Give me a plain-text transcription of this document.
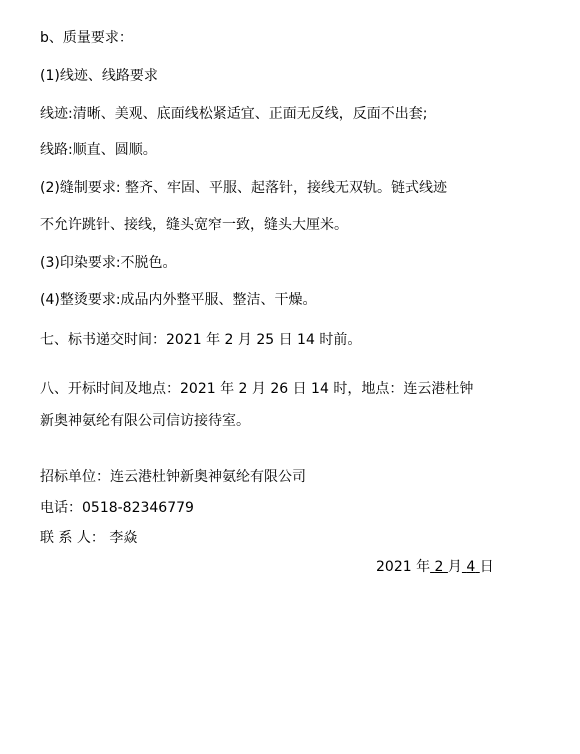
b、质量要求：
(1)线迹、线路要求
线迹:清晰、美观、底面线松紧适宜、正面无反线，反面不出套;
线路:顺直、圆顺。
(2)缝制要求: 整齐、牢固、平服、起落针，接线无双轨。链式线迹
不允许跳针、接线，缝头宽窄一致，缝头大厘米。
(3)印染要求:不脱色。
(4)整烫要求:成品内外整平服、整洁、干燥。
七、标书递交时间：2021 年 2 月 25 日 14 时前。
八、开标时间及地点：2021 年 2 月 26 日 14 时，地点：连云港杜钟
新奥神氨纶有限公司信访接待室。
招标单位：连云港杜钟新奥神氨纶有限公司
电话：0518-82346779
联 系 人： 李焱
2021 年 2 月 4 日
